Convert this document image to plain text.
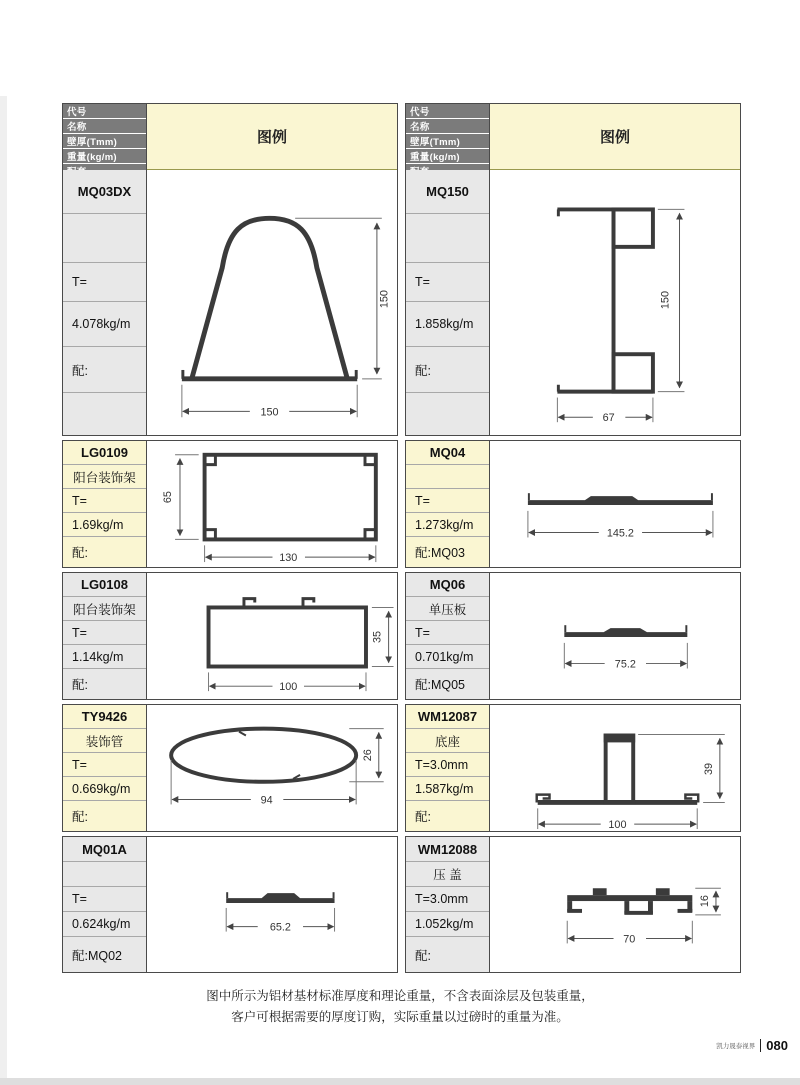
代号
名称
壁厚(Tmm)
重量(kg/m)
图例
MQ03DX
T=
4.078kg/m
配:
150
150
LG0109
阳台装饰架
T=
1.69kg/m
配:
65
130
LG0108
阳台装饰架
T=
1.14kg/m
配:
35
100
TY9426
装饰管
T=
0.669kg/m
配:
26
94
MQ01A
T=
0.624kg/m
配:MQ02
65.2
代号
名称
壁厚(Tmm)
重量(kg/m)
图例
MQ150
T=
1.858kg/m
配:
150
67
MQ04
T=
1.273kg/m
配:MQ03
145.2
MQ06
单压板
T=
0.701kg/m
配:MQ05
75.2
WM12087
底座
T=3.0mm
1.587kg/m
配:
39
100
WM12088
压 盖
T=3.0mm
1.052kg/m
配:
16
70
图中所示为铝材基材标准厚度和理论重量，不含表面涂层及包装重量，
客户可根据需要的厚度订购，实际重量以过磅时的重量为准。
凯力晟泰视界 080
